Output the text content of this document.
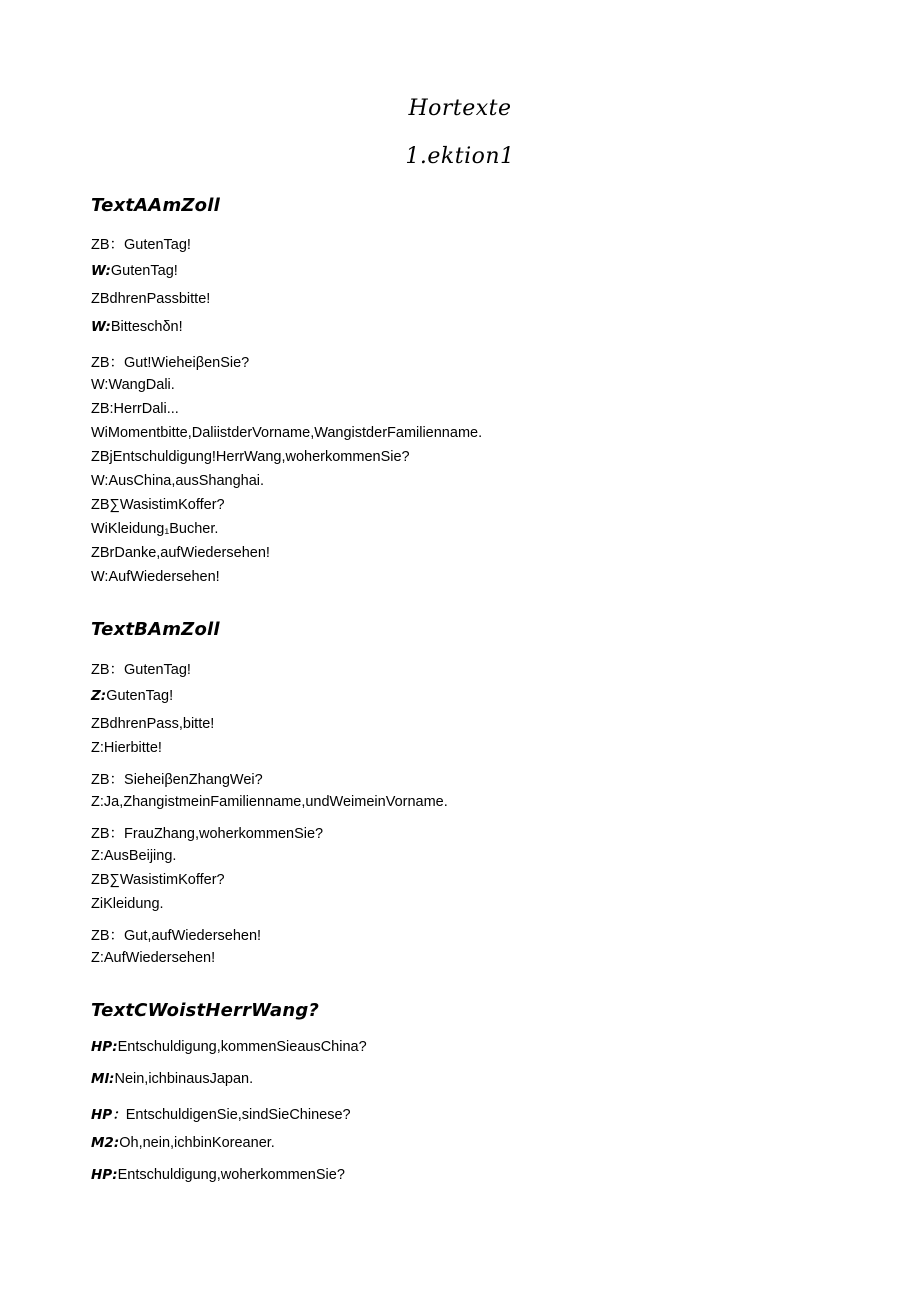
Hortexte
1.ektion1
TextAAmZoll
ZB：GutenTag!
W:GutenTag!
ZBdhrenPassbitte!
W:Bitteschδn!
ZB：Gut!WieheiβenSie?
W:WangDali.
ZB:HerrDali...
WiMomentbitte,DaliistderVorname,WangistderFamilienname.
ZBjEntschuldigung!HerrWang,woherkommenSie?
W:AusChina,ausShanghai.
ZB∑WasistimKoffer?
WiKleidung₁Bucher.
ZBrDanke,aufWiedersehen!
W:AufWiedersehen!
TextBAmZoll
ZB：GutenTag!
Z:GutenTag!
ZBdhrenPass,bitte!
Z:Hierbitte!
ZB：SieheiβenZhangWei?
Z:Ja,ZhangistmeinFamilienname,undWeimeinVorname.
ZB：FrauZhang,woherkommenSie?
Z:AusBeijing.
ZB∑WasistimKoffer?
ZiKleidung.
ZB：Gut,aufWiedersehen!
Z:AufWiedersehen!
TextCWoistHerrWang?
HP:Entschuldigung,kommenSieausChina?
Ml:Nein,ichbinausJapan.
HP：EntschuldigenSie,sindSieChinese?
M2:Oh,nein,ichbinKoreaner.
HP:Entschuldigung,woherkommenSie?
